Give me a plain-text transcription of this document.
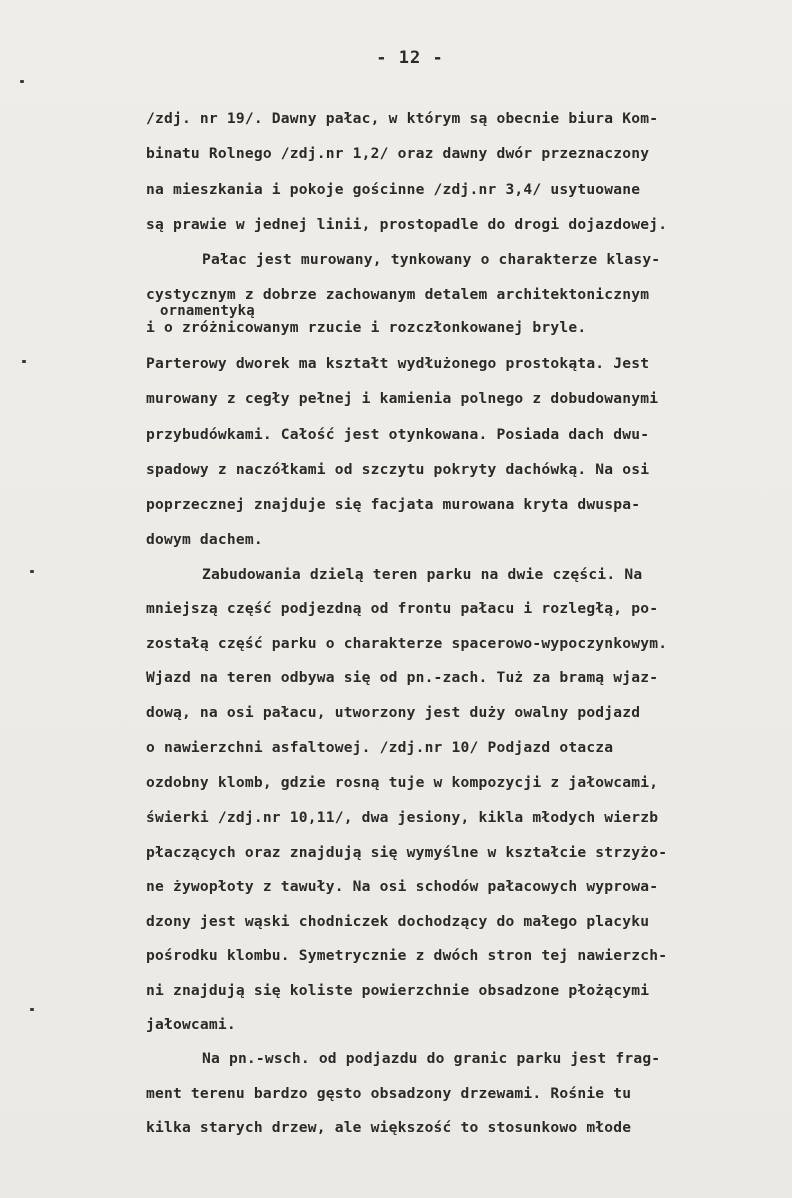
- 12 -
/zdj. nr 19/. Dawny pałac, w którym są obecnie biura Kom-
binatu Rolnego /zdj.nr 1,2/ oraz dawny dwór przeznaczony
na mieszkania i pokoje gościnne /zdj.nr 3,4/ usytuowane
są prawie w jednej linii, prostopadle do drogi dojazdowej.
Pałac jest murowany, tynkowany o charakterze klasy-
cystycznym z dobrze zachowanym detalem architektonicznym
ornamentyką
i o zróżnicowanym rzucie i rozczłonkowanej bryle.
Parterowy dworek ma kształt wydłużonego prostokąta. Jest
murowany z cegły pełnej i kamienia polnego z dobudowanymi
przybudówkami. Całość jest otynkowana. Posiada dach dwu-
spadowy z naczółkami od szczytu pokryty dachówką. Na osi
poprzecznej znajduje się facjata murowana kryta dwuspa-
dowym dachem.
Zabudowania dzielą teren parku na dwie części. Na
mniejszą część podjezdną od frontu pałacu i rozległą, po-
zostałą część parku o charakterze spacerowo-wypoczynkowym.
Wjazd na teren odbywa się od pn.-zach. Tuż za bramą wjaz-
dową, na osi pałacu, utworzony jest duży owalny podjazd
o nawierzchni asfaltowej. /zdj.nr 10/ Podjazd otacza
ozdobny klomb, gdzie rosną tuje w kompozycji z jałowcami,
świerki /zdj.nr 10,11/, dwa jesiony, kikla młodych wierzb
płaczących oraz znajdują się wymyślne w kształcie strzyżo-
ne żywopłoty z tawuły. Na osi schodów pałacowych wyprowa-
dzony jest wąski chodniczek dochodzący do małego placyku
pośrodku klombu. Symetrycznie z dwóch stron tej nawierzch-
ni znajdują się koliste powierzchnie obsadzone płożącymi
jałowcami.
Na pn.-wsch. od podjazdu do granic parku jest frag-
ment terenu bardzo gęsto obsadzony drzewami. Rośnie tu
kilka starych drzew, ale większość to stosunkowo młode
